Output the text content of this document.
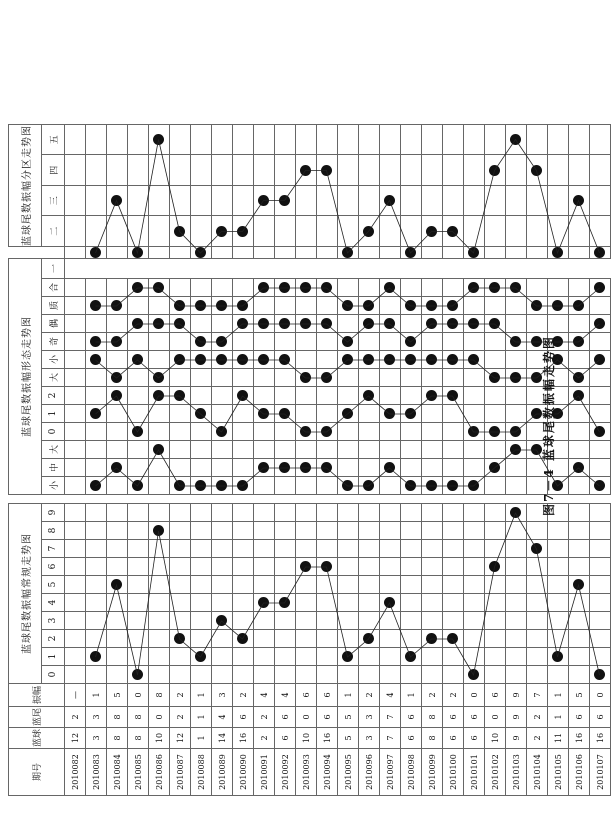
期号	蓝球	蓝尾	振幅	蓝球尾数振幅常规走势图											蓝球尾数振幅形态走势图														蓝球尾数振幅分区走势图			
				0	1	2	3	4	5	6	7	8	9		小	中	大	0	1	2	大	小	奇	偶	质	合	一		二	三	四	五
2010082	12	2	—																													
2010083	3	3	1																													
2010084	8	8	5																													
2010085	8	8	0																													
2010086	10	0	8																													
2010087	12	2	2																													
2010088	1	1	1																													
2010089	14	4	3																													
2010090	16	6	2																													
2010091	2	2	4																													
2010092	6	6	4																													
2010093	10	0	6																													
2010094	16	6	6																													
2010095	5	5	1																													
2010096	3	3	2																													
2010097	7	7	4																													
2010098	6	6	1																													
2010099	8	8	2																													
2010100	6	6	2																													
2010101	6	6	0																													
2010102	10	0	6																													
2010103	9	9	9																													
2010104	2	2	7																													
2010105	11	1	1																													
2010106	16	6	5																													
2010107	16	6	0																													
图7－4 蓝球尾数振幅走势图
